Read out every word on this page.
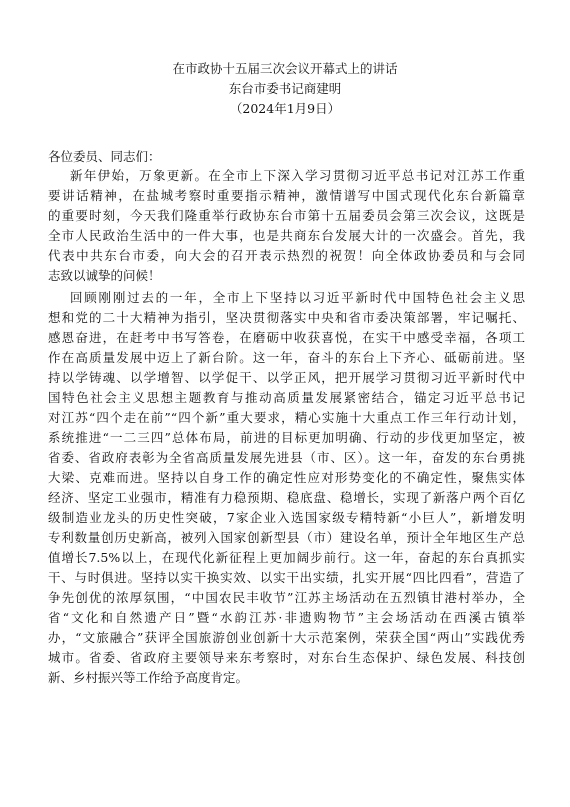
在市政协十五届三次会议开幕式上的讲话
东台市委书记商建明
（2024年1月9日）
各位委员、同志们：
新年伊始，万象更新。在全市上下深入学习贯彻习近平总书记对江苏工作重
要讲话精神，在盐城考察时重要指示精神，激情谱写中国式现代化东台新篇章
的重要时刻，今天我们隆重举行政协东台市第十五届委员会第三次会议，这既是
全市人民政治生活中的一件大事，也是共商东台发展大计的一次盛会。首先，我
代表中共东台市委，向大会的召开表示热烈的祝贺！向全体政协委员和与会同
志致以诚挚的问候！
回顾刚刚过去的一年，全市上下坚持以习近平新时代中国特色社会主义思
想和党的二十大精神为指引，坚决贯彻落实中央和省市委决策部署，牢记嘱托、
感恩奋进，在赶考中书写答卷，在磨砺中收获喜悦，在实干中感受幸福，各项工
作在高质量发展中迈上了新台阶。这一年，奋斗的东台上下齐心、砥砺前进。坚
持以学铸魂、以学增智、以学促干、以学正风，把开展学习贯彻习近平新时代中
国特色社会主义思想主题教育与推动高质量发展紧密结合，锚定习近平总书记
对江苏“四个走在前”“四个新”重大要求，精心实施十大重点工作三年行动计划，
系统推进“一二三四”总体布局，前进的目标更加明确、行动的步伐更加坚定，被
省委、省政府表彰为全省高质量发展先进县（市、区）。这一年，奋发的东台勇挑
大梁、克难而进。坚持以自身工作的确定性应对形势变化的不确定性，聚焦实体
经济、坚定工业强市，精准有力稳预期、稳底盘、稳增长，实现了新落户两个百亿
级制造业龙头的历史性突破，7家企业入选国家级专精特新“小巨人”，新增发明
专利数量创历史新高，被列入国家创新型县（市）建设名单，预计全年地区生产总
值增长7.5%以上，在现代化新征程上更加阔步前行。这一年，奋起的东台真抓实
干、与时俱进。坚持以实干换实效、以实干出实绩，扎实开展“四比四看”，营造了
争先创优的浓厚氛围，“中国农民丰收节”江苏主场活动在五烈镇甘港村举办，全
省“文化和自然遗产日”暨“水韵江苏·非遗购物节”主会场活动在西溪古镇举
办，“文旅融合”获评全国旅游创业创新十大示范案例，荣获全国“两山”实践优秀
城市。省委、省政府主要领导来东考察时，对东台生态保护、绿色发展、科技创
新、乡村振兴等工作给予高度肯定。
